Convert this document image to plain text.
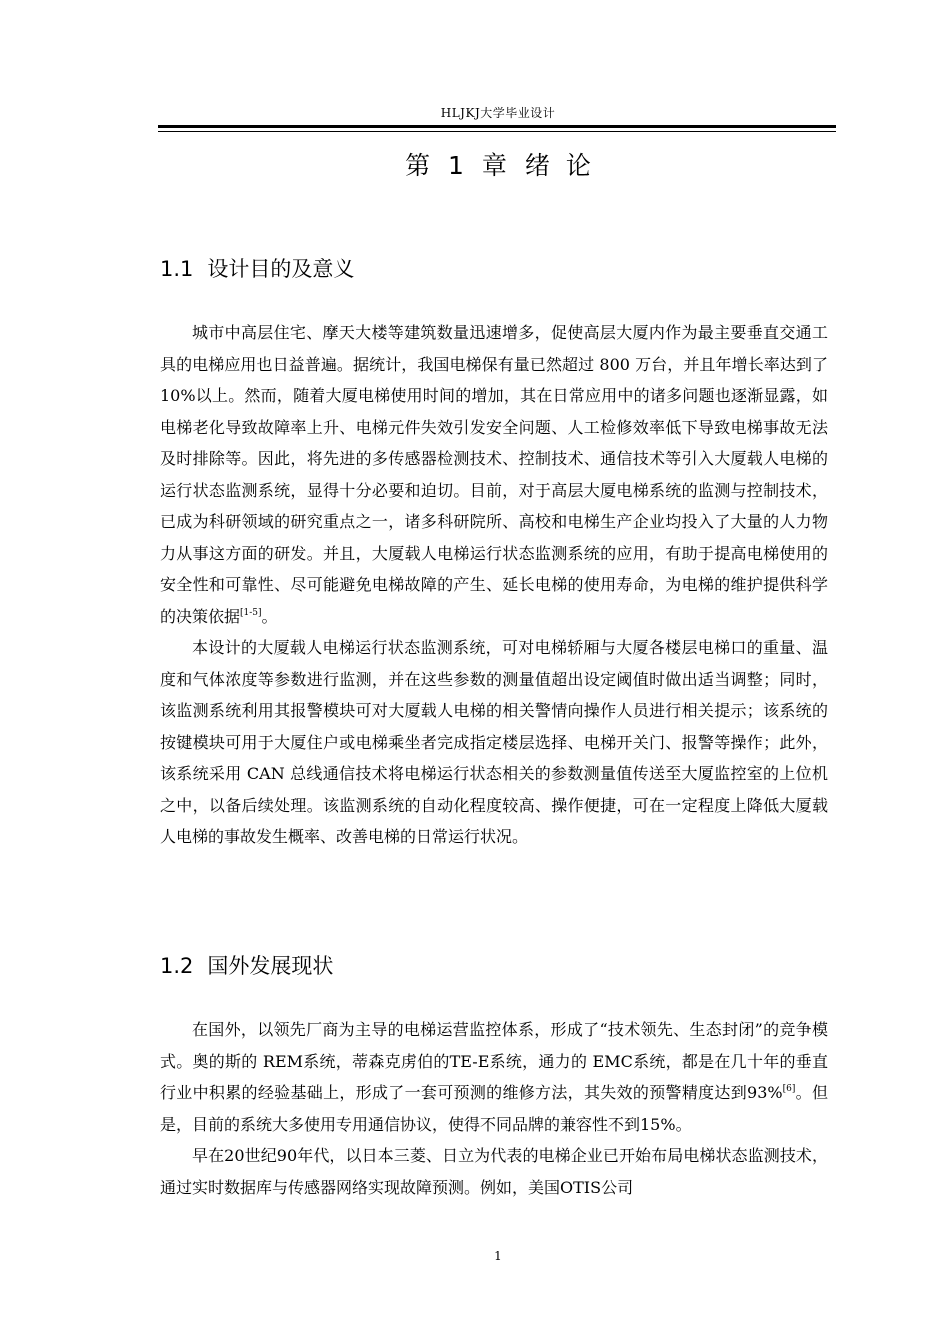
HLJKJ大学毕业设计
第 1 章 绪 论
1.1 设计目的及意义

城市中高层住宅、摩天大楼等建筑数量迅速增多，促使高层大厦内作为最主要垂直交通工具的电梯应用也日益普遍。据统计，我国电梯保有量已然超过 800 万台，并且年增长率达到了 10%以上。然而，随着大厦电梯使用时间的增加，其在日常应用中的诸多问题也逐渐显露，如电梯老化导致故障率上升、电梯元件失效引发安全问题、人工检修效率低下导致电梯事故无法及时排除等。因此，将先进的多传感器检测技术、控制技术、通信技术等引入大厦载人电梯的运行状态监测系统，显得十分必要和迫切。目前，对于高层大厦电梯系统的监测与控制技术，已成为科研领域的研究重点之一，诸多科研院所、高校和电梯生产企业均投入了大量的人力物力从事这方面的研发。并且，大厦载人电梯运行状态监测系统的应用，有助于提高电梯使用的安全性和可靠性、尽可能避免电梯故障的产生、延长电梯的使用寿命，为电梯的维护提供科学的决策依据[1-5]。

本设计的大厦载人电梯运行状态监测系统，可对电梯轿厢与大厦各楼层电梯口的重量、温度和气体浓度等参数进行监测，并在这些参数的测量值超出设定阈值时做出适当调整；同时，该监测系统利用其报警模块可对大厦载人电梯的相关警情向操作人员进行相关提示；该系统的按键模块可用于大厦住户或电梯乘坐者完成指定楼层选择、电梯开关门、报警等操作；此外，该系统采用 CAN 总线通信技术将电梯运行状态相关的参数测量值传送至大厦监控室的上位机之中，以备后续处理。该监测系统的自动化程度较高、操作便捷，可在一定程度上降低大厦载人电梯的事故发生概率、改善电梯的日常运行状况。

1.2 国外发展现状

在国外，以领先厂商为主导的电梯运营监控体系，形成了“技术领先、生态封闭”的竞争模式。奥的斯的 REM系统，蒂森克虏伯的TE-E系统，通力的 EMC系统，都是在几十年的垂直行业中积累的经验基础上，形成了一套可预测的维修方法，其失效的预警精度达到93%[6]。但是，目前的系统大多使用专用通信协议，使得不同品牌的兼容性不到15%。

早在20世纪90年代，以日本三菱、日立为代表的电梯企业已开始布局电梯状态监测技术，通过实时数据库与传感器网络实现故障预测。例如，美国OTIS公司

1
